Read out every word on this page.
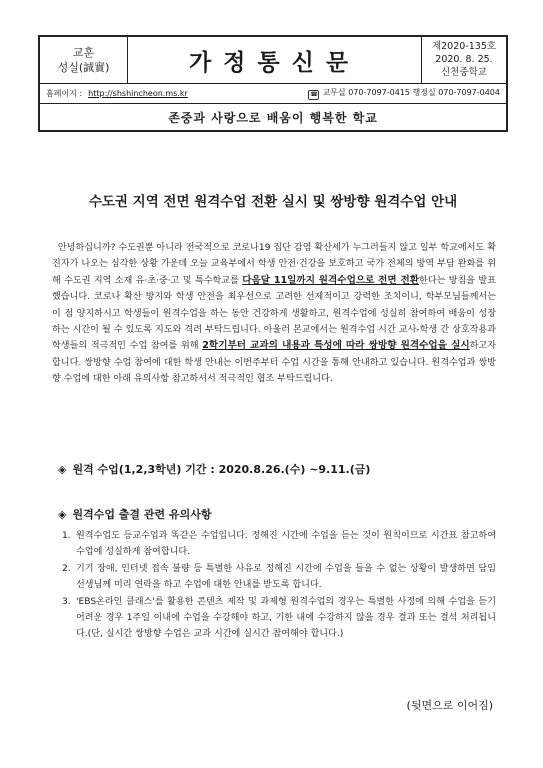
교훈
성실(誠實)	가정통신문
제2020-135호
2020. 8. 25.
신천중학교
홈페이지 : http://shshincheon.ms.kr	☎ 교무실 070-7097-0415 행정실 070-7097-0404
존중과 사랑으로 배움이 행복한 학교
수도권 지역 전면 원격수업 전환 실시 및 쌍방향 원격수업 안내
안녕하십니까? 수도권뿐 아니라 전국적으로 코로나19 집단 감염 확산세가 누그러들지 않고 일부 학교에서도 확진자가 나오는 심각한 상황 가운데 오늘 교육부에서 학생 안전·건강을 보호하고 국가 전체의 방역 부담 완화를 위해 수도권 지역 소재 유·초·중·고 및 특수학교를 다음달 11일까지 원격수업으로 전면 전환한다는 방침을 발표했습니다. 코로나 확산 방지와 학생 안전을 최우선으로 고려한 선제적이고 강력한 조치이니, 학부모님들께서는 이 점 양지하시고 학생들이 원격수업을 하는 동안 건강하게 생활하고, 원격수업에 성실히 참여하여 배움이 성장하는 시간이 될 수 있도록 지도와 격려 부탁드립니다. 아울러 본교에서는 원격수업 시간 교사-학생 간 상호작용과 학생들의 적극적인 수업 참여를 위해 2학기부터 교과의 내용과 특성에 따라 쌍방향 원격수업을 실시하고자 합니다. 쌍방향 수업 참여에 대한 학생 안내는 이번주부터 수업 시간을 통해 안내하고 있습니다. 원격수업과 쌍방향 수업에 대한 아래 유의사항 참고하셔서 적극적인 협조 부탁드립니다.
◈ 원격 수업(1,2,3학년) 기간 : 2020.8.26.(수) ~9.11.(금)
◈ 원격수업 출결 관련 유의사항
1. 원격수업도 등교수업과 똑같은 수업입니다. 정해진 시간에 수업을 듣는 것이 원칙이므로 시간표 참고하여 수업에 성실하게 참여합니다.
2. 기기 장애, 인터넷 접속 불량 등 특별한 사유로 정해진 시간에 수업을 들을 수 없는 상황이 발생하면 담임 선생님께 미리 연락을 하고 수업에 대한 안내를 받도록 합니다.
3. 'EBS온라인 클래스'를 활용한 콘텐츠 제작 및 과제형 원격수업의 경우는 특별한 사정에 의해 수업을 듣기 어려운 경우 1주일 이내에 수업을 수강해야 하고, 기한 내에 수강하지 않을 경우 결과 또는 결석 처리됩니다.(단, 실시간 쌍방향 수업은 교과 시간에 실시간 참여해야 합니다.)
(뒷면으로 이어짐)
